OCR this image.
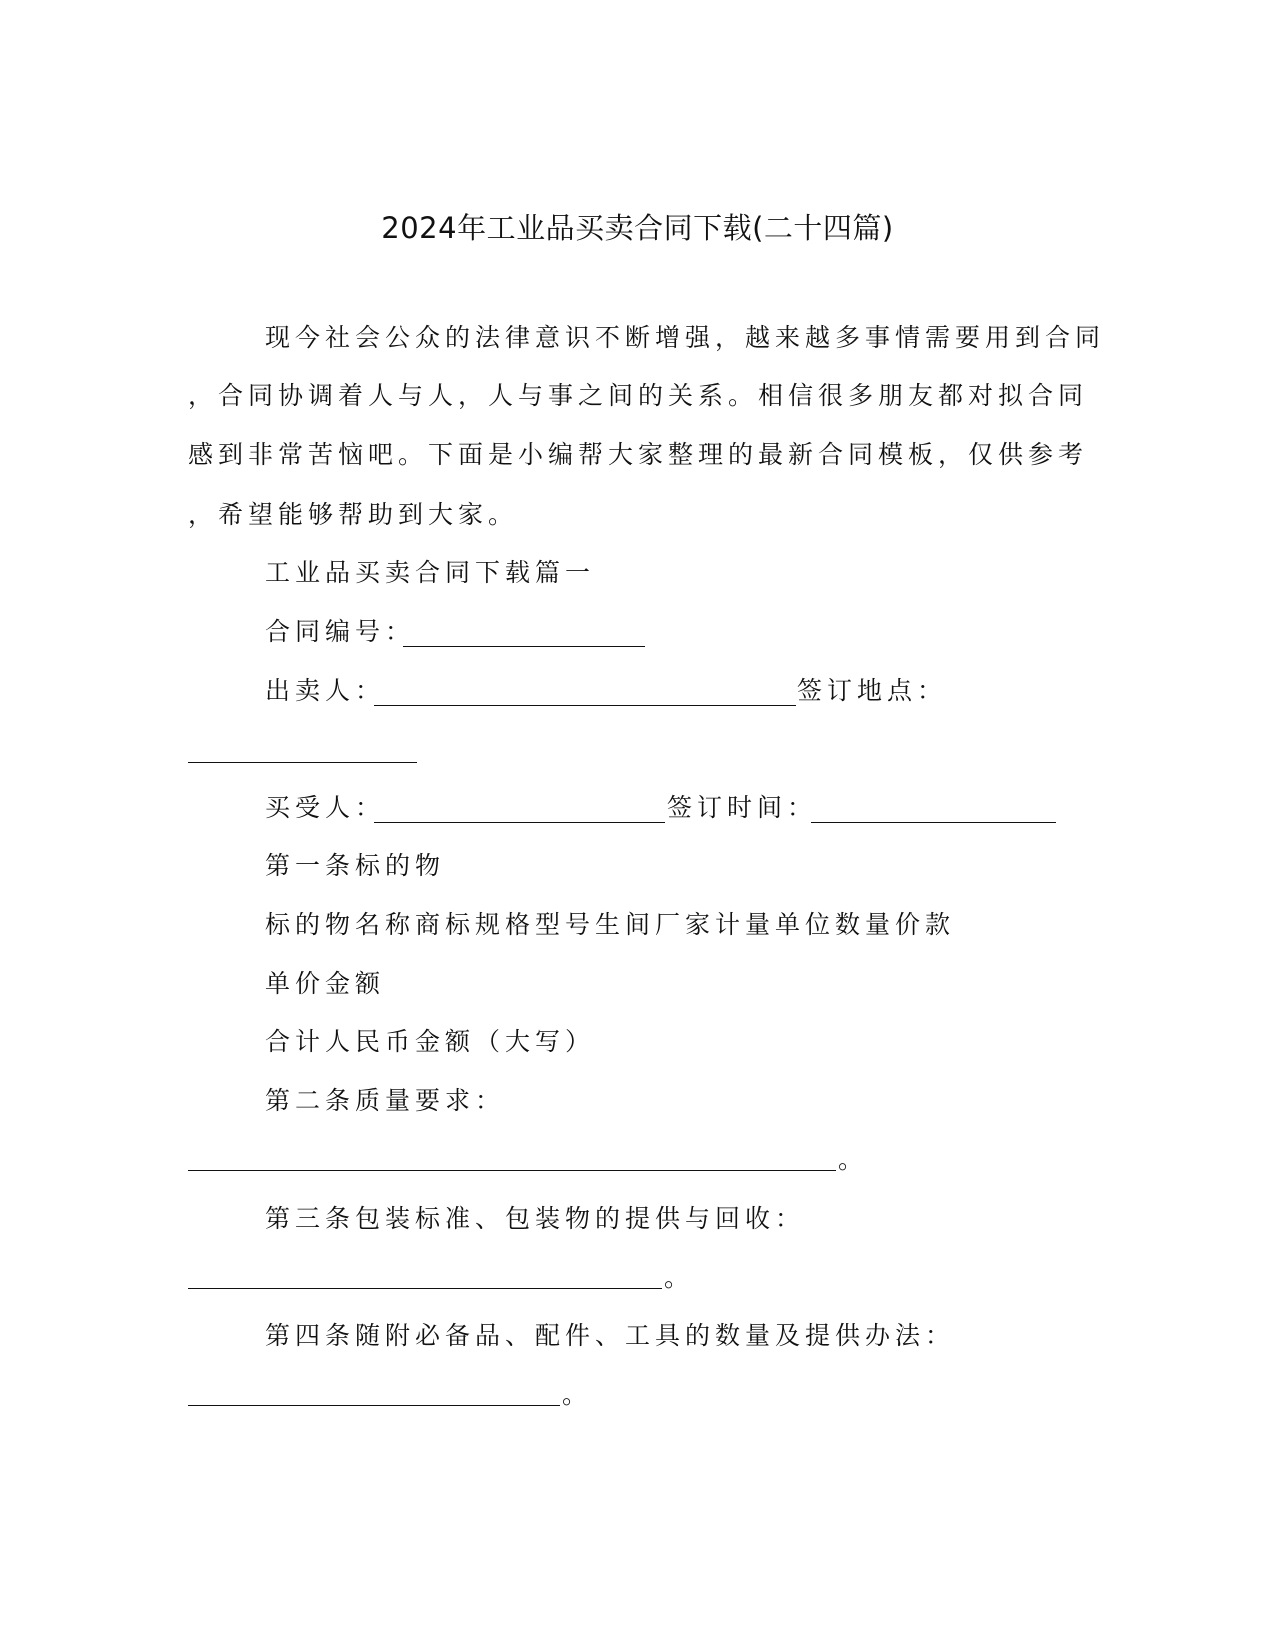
2024年工业品买卖合同下载(二十四篇)
现今社会公众的法律意识不断增强，越来越多事情需要用到合同
，合同协调着人与人，人与事之间的关系。相信很多朋友都对拟合同
感到非常苦恼吧。下面是小编帮大家整理的最新合同模板，仅供参考
，希望能够帮助到大家。
工业品买卖合同下载篇一
合同编号：
出卖人：	签订地点：
买受人：	签订时间：
第一条标的物
标的物名称商标规格型号生间厂家计量单位数量价款
单价金额
合计人民币金额（大写）
第二条质量要求：
。
第三条包装标准、包装物的提供与回收：
。
第四条随附必备品、配件、工具的数量及提供办法：
。
